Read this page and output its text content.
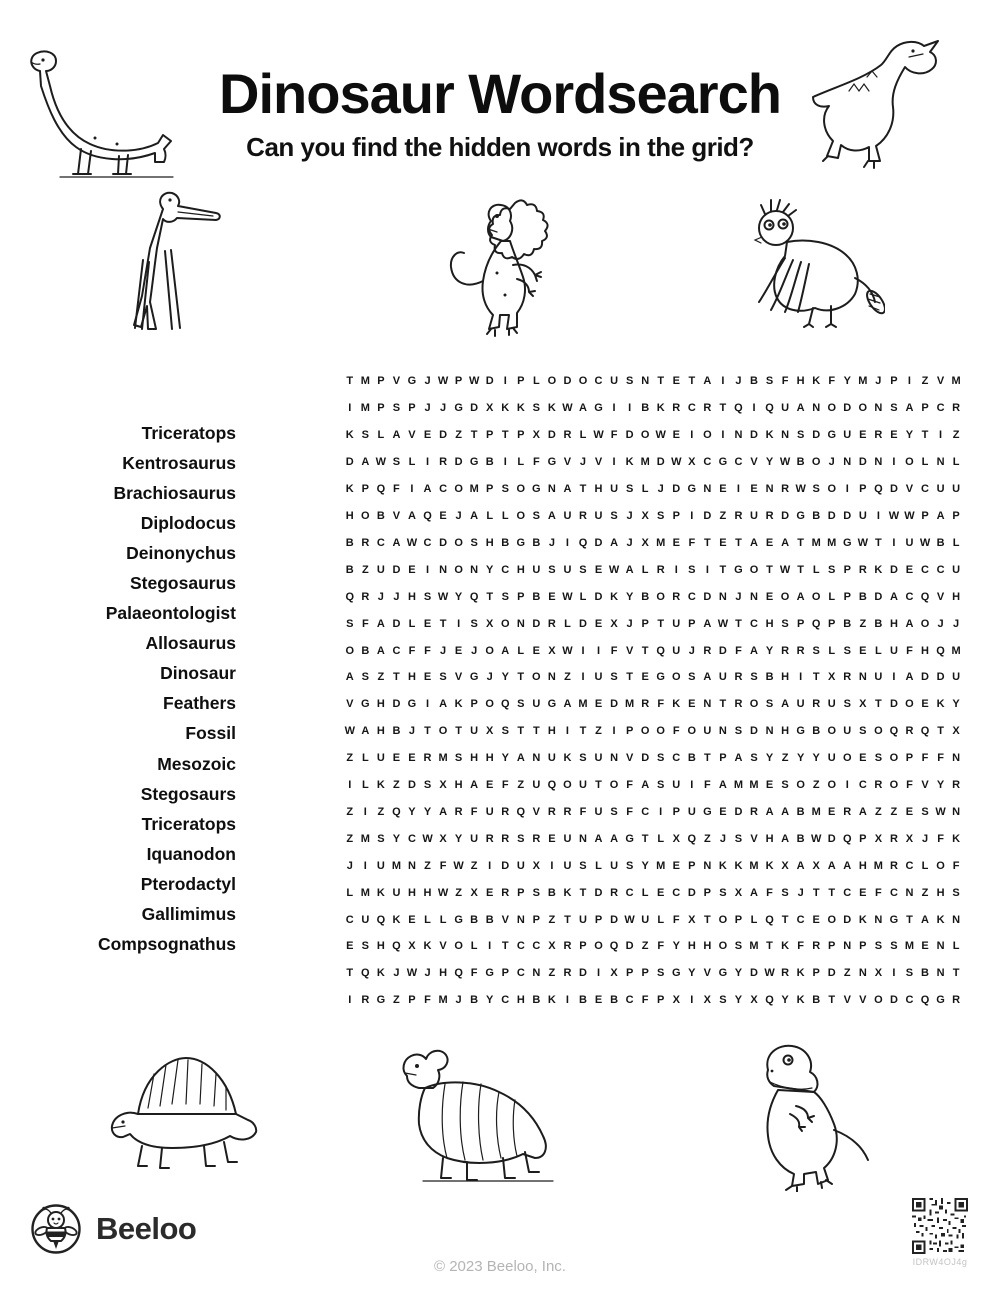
Dinosaur Wordsearch
Can you find the hidden words in the grid?
Triceratops
Kentrosaurus
Brachiosaurus
Diplodocus
Deinonychus
Stegosaurus
Palaeontologist
Allosaurus
Dinosaur
Feathers
Fossil
Mesozoic
Stegosaurs
Triceratops
Iquanodon
Pterodactyl
Gallimimus
Compsognathus
T M P V G J W P W D I P L O D O C U S N T E T A I J B S F H K F Y M J P I Z V M
I M P S P J J G D X K K S K W A G I	I B K R C R T Q I Q U A N O D O N S A P C R
K S L A V E D Z T P T P X D R L W F D O W E I O I N D K N S D G U E R E Y T I Z
D A W S L I R D G B I L F G V J V I K M D W X C G C V Y W B O J N D N I O L N L
K P Q F I A C O M P S O G N A T H U S L J D G N E I E N R W S O I P Q D V C U U
H O B V A Q E J A L L O S A U R U S J X S P I D Z R U R D G B D D U I W W P A P
B R C A W C D O S H B G B J I Q D A J X M E F T E T A E A T M M G W T I U W B L
B Z U D E I N O N Y C H U S U S E W A L R I S I T G O T W T L S P R K D E C C U
Q R J J H S W Y Q T S P B E W L D K Y B O R C D N J N E O A O L P B D A C Q V H
S F A D L E T I S X O N D R L D E X J P T U P A W T C H S P Q P B Z B H A O J J
O B A C F F J E J O A L E X W I	I F V T Q U J R D F A Y R R S L S E L U F H Q M
A S Z T H E S V G J Y T O N Z I U S T E G O S A U R S B H I T X R N U I A D D U
V G H D G I A K P O Q S U G A M E D M R F K E N T R O S A U R U S X T D O E K Y
W A H B J T O T U X S T T H I T Z I P O O F O U N S D N H G B O U S O Q R Q T X
Z L U E E R M S H H Y A N U K S U N V D S C B T P A S Y Z Y Y U O E S O P F F N
I L K Z D S X H A E F Z U Q O U T O F A S U I F A M M E S O Z O I C R O F V Y R
Z I Z Q Y Y A R F U R Q V R R F U S F C I P U G E D R A A B M E R A Z Z E S W N
Z M S Y C W X Y U R R S R E U N A A G T L X Q Z J S V H A B W D Q P X R X J F K
J I U M N Z F W Z I D U X I U S L U S Y M E P N K K M K X A X A A H M R C L O F
L M K U H H W Z X E R P S B K T D R C L E C D P S X A F S J T T C E F C N Z H S
C U Q K E L L G B B V N P Z T U P D W U L F X T O P L Q T C E O D K N G T A K N
E S H Q X K V O L I T C C X R P O Q D Z F Y H H O S M T K F R P N P S S M E N L
T Q K J W J H Q F G P C N Z R D I X P P S G Y V G Y D W R K P D Z N X I S B N T
I R G Z P F M J B Y C H B K I B E B C F P X I X S Y X Q Y K B T V V O D C Q G R
Beeloo
© 2023 Beeloo, Inc.	IDRW4OJ4g
